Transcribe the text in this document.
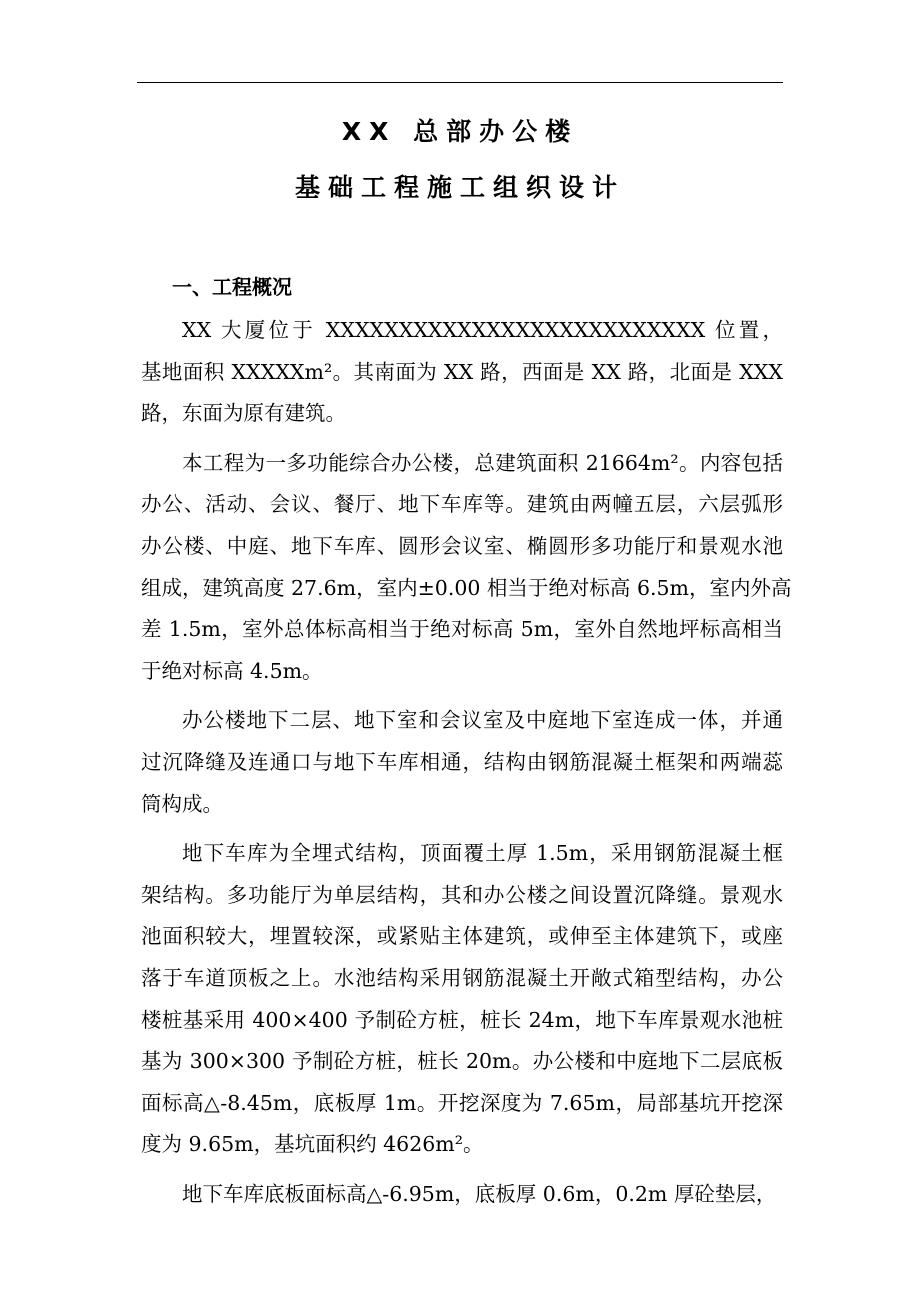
XX 总部办公楼
基础工程施工组织设计
一、工程概况

XX 大厦位于 XXXXXXXXXXXXXXXXXXXXXXXXXX 位置，
基地面积 XXXXXm²。其南面为 XX 路，西面是 XX 路，北面是 XXX
路，东面为原有建筑。

本工程为一多功能综合办公楼，总建筑面积 21664m²。内容包括
办公、活动、会议、餐厅、地下车库等。建筑由两幢五层，六层弧形
办公楼、中庭、地下车库、圆形会议室、椭圆形多功能厅和景观水池
组成，建筑高度 27.6m，室内±0.00 相当于绝对标高 6.5m，室内外高
差 1.5m，室外总体标高相当于绝对标高 5m，室外自然地坪标高相当
于绝对标高 4.5m。

办公楼地下二层、地下室和会议室及中庭地下室连成一体，并通
过沉降缝及连通口与地下车库相通，结构由钢筋混凝土框架和两端蕊
筒构成。

地下车库为全埋式结构，顶面覆土厚 1.5m，采用钢筋混凝土框
架结构。多功能厅为单层结构，其和办公楼之间设置沉降缝。景观水
池面积较大，埋置较深，或紧贴主体建筑，或伸至主体建筑下，或座
落于车道顶板之上。水池结构采用钢筋混凝土开敞式箱型结构，办公
楼桩基采用 400×400 予制砼方桩，桩长 24m，地下车库景观水池桩
基为 300×300 予制砼方桩，桩长 20m。办公楼和中庭地下二层底板
面标高△-8.45m，底板厚 1m。开挖深度为 7.65m，局部基坑开挖深
度为 9.65m，基坑面积约 4626m²。

地下车库底板面标高△-6.95m，底板厚 0.6m，0.2m 厚砼垫层，
